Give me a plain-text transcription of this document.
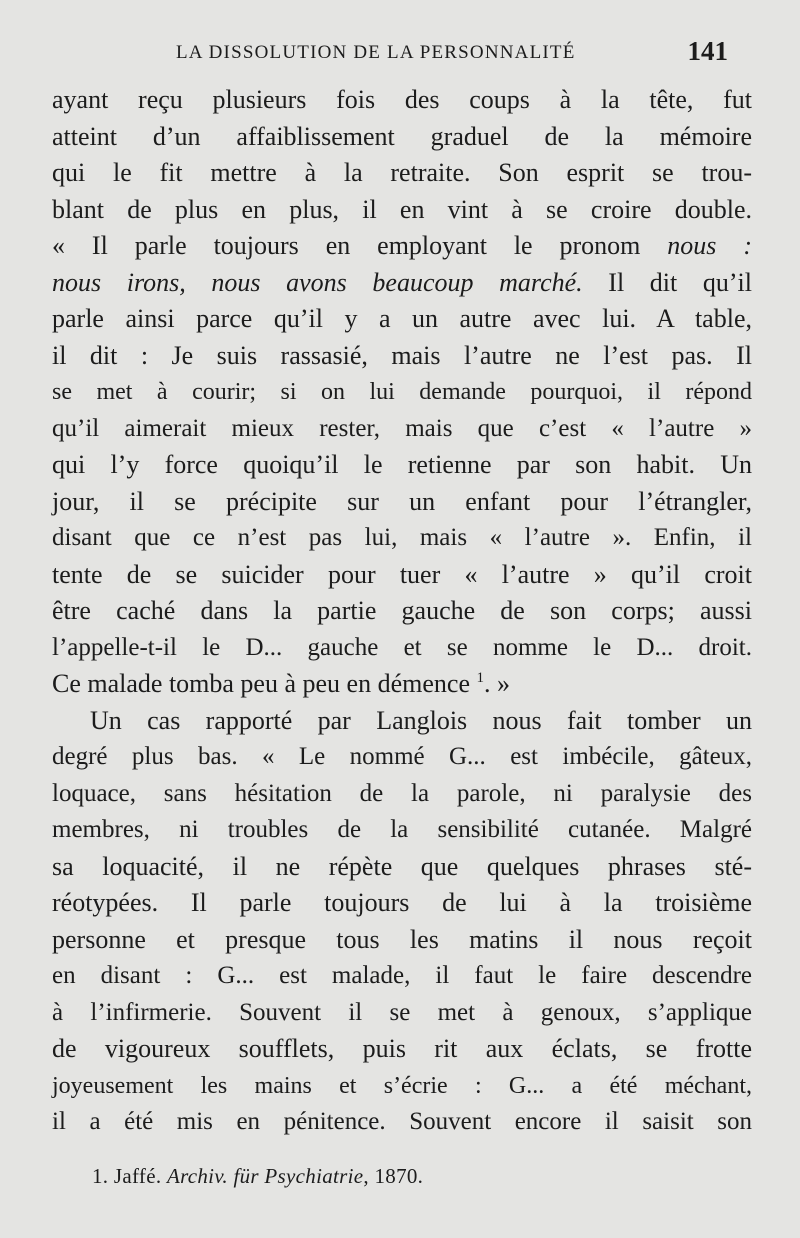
LA DISSOLUTION DE LA PERSONNALITÉ	141
ayant reçu plusieurs fois des coups à la tête, fut
atteint d’un affaiblissement graduel de la mémoire
qui le fit mettre à la retraite. Son esprit se trou-
blant de plus en plus, il en vint à se croire double.
« Il parle toujours en employant le pronom nous :
nous irons, nous avons beaucoup marché. Il dit qu’il
parle ainsi parce qu’il y a un autre avec lui. A table,
il dit : Je suis rassasié, mais l’autre ne l’est pas. Il
se met à courir; si on lui demande pourquoi, il répond
qu’il aimerait mieux rester, mais que c’est « l’autre »
qui l’y force quoiqu’il le retienne par son habit. Un
jour, il se précipite sur un enfant pour l’étrangler,
disant que ce n’est pas lui, mais « l’autre ». Enfin, il
tente de se suicider pour tuer « l’autre » qu’il croit
être caché dans la partie gauche de son corps; aussi
l’appelle-t-il le D... gauche et se nomme le D... droit.
Ce malade tomba peu à peu en démence $^1$. »
Un cas rapporté par Langlois nous fait tomber un
degré plus bas. « Le nommé G... est imbécile, gâteux,
loquace, sans hésitation de la parole, ni paralysie des
membres, ni troubles de la sensibilité cutanée. Malgré
sa loquacité, il ne répète que quelques phrases sté-
réotypées. Il parle toujours de lui à la troisième
personne et presque tous les matins il nous reçoit
en disant : G... est malade, il faut le faire descendre
à l’infirmerie. Souvent il se met à genoux, s’applique
de vigoureux soufflets, puis rit aux éclats, se frotte
joyeusement les mains et s’écrie : G... a été méchant,
il a été mis en pénitence. Souvent encore il saisit son
1. Jaffé. Archiv. für Psychiatrie, 1870.
